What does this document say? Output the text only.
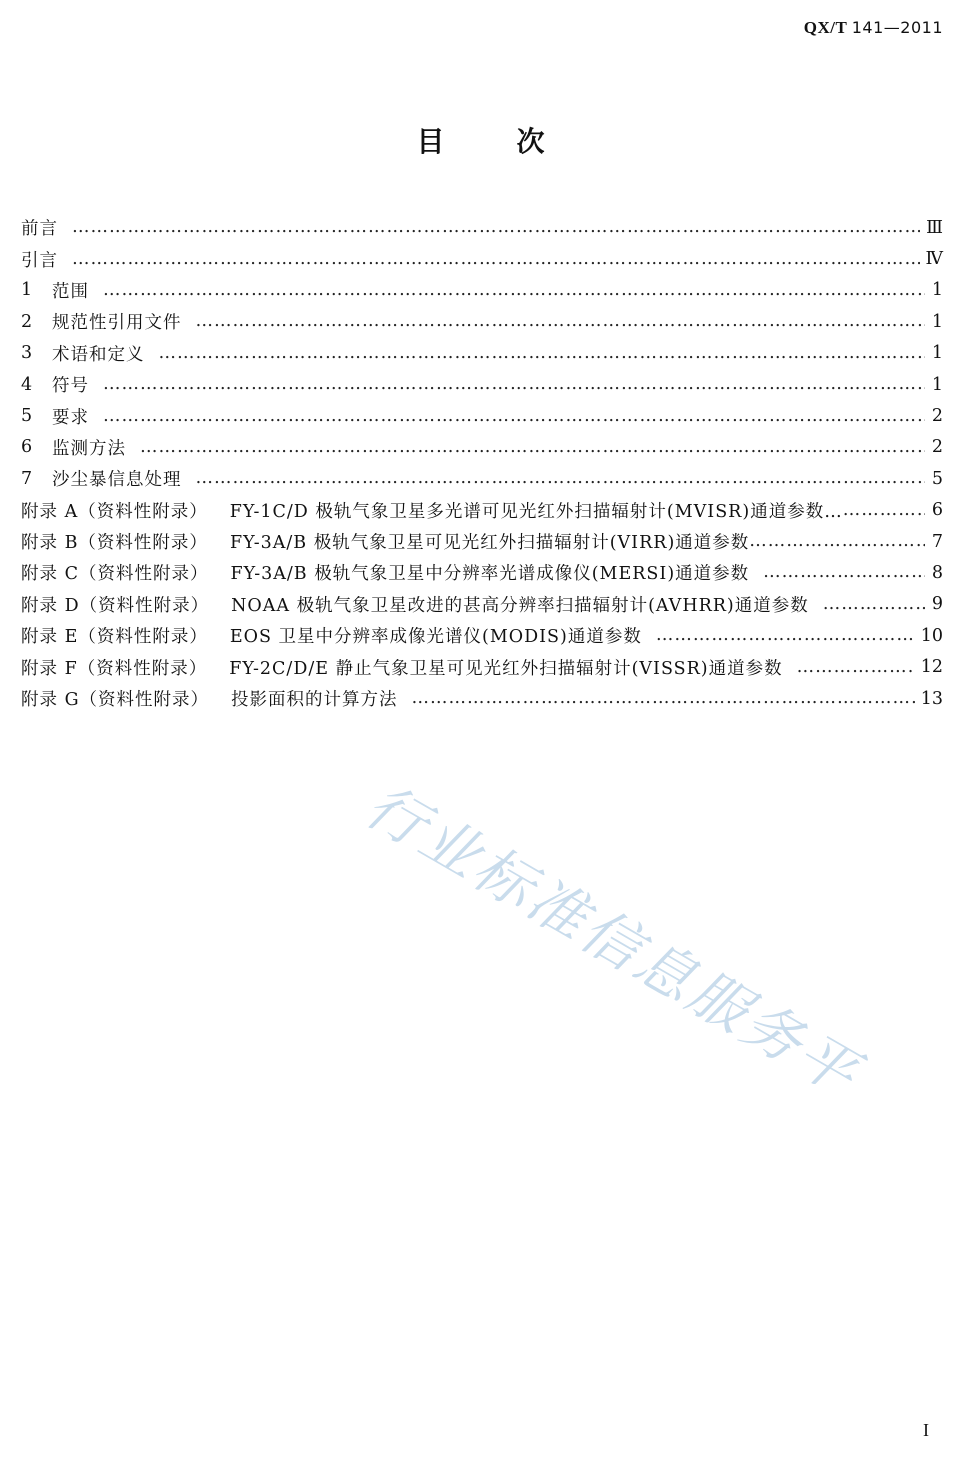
QX/T 141—2011
目	次
前言 ………………………………………………………………………………………………………………………………………………………………………………………………………………	Ⅲ
引言 ………………………………………………………………………………………………………………………………………………………………………………………………………………	Ⅳ
1	范围 ………………………………………………………………………………………………………………………………………………………………………………………………………………	1
2	规范性引用文件 ………………………………………………………………………………………………………………………………………………………………………………………………………………	1
3	术语和定义 ………………………………………………………………………………………………………………………………………………………………………………………………………………	1
4	符号 ………………………………………………………………………………………………………………………………………………………………………………………………………………	1
5	要求 ………………………………………………………………………………………………………………………………………………………………………………………………………………	2
6	监测方法 ………………………………………………………………………………………………………………………………………………………………………………………………………………	2
7	沙尘暴信息处理 ………………………………………………………………………………………………………………………………………………………………………………………………………………	5
附录 A（资料性附录） FY-1C/D 极轨气象卫星多光谱可见光红外扫描辐射计(MVISR)通道参数… ………………………………………………………………………………………………………………………………………………………………………………………………………………	6
附录 B（资料性附录） FY-3A/B 极轨气象卫星可见光红外扫描辐射计(VIRR)通道参数 ………………………………………………………………………………………………………………………………………………………………………………………………………………	7
附录 C（资料性附录） FY-3A/B 极轨气象卫星中分辨率光谱成像仪(MERSI)通道参数 ………………………………………………………………………………………………………………………………………………………………………………………………………………	8
附录 D（资料性附录） NOAA 极轨气象卫星改进的甚高分辨率扫描辐射计(AVHRR)通道参数 ………………………………………………………………………………………………………………………………………………………………………………………………………………	9
附录 E（资料性附录） EOS 卫星中分辨率成像光谱仪(MODIS)通道参数 ………………………………………………………………………………………………………………………………………………………………………………………………………………	10
附录 F（资料性附录） FY-2C/D/E 静止气象卫星可见光红外扫描辐射计(VISSR)通道参数 ………………………………………………………………………………………………………………………………………………………………………………………………………………	12
附录 G（资料性附录） 投影面积的计算方法 ………………………………………………………………………………………………………………………………………………………………………………………………………………	13
行业标准信息服务平
I
